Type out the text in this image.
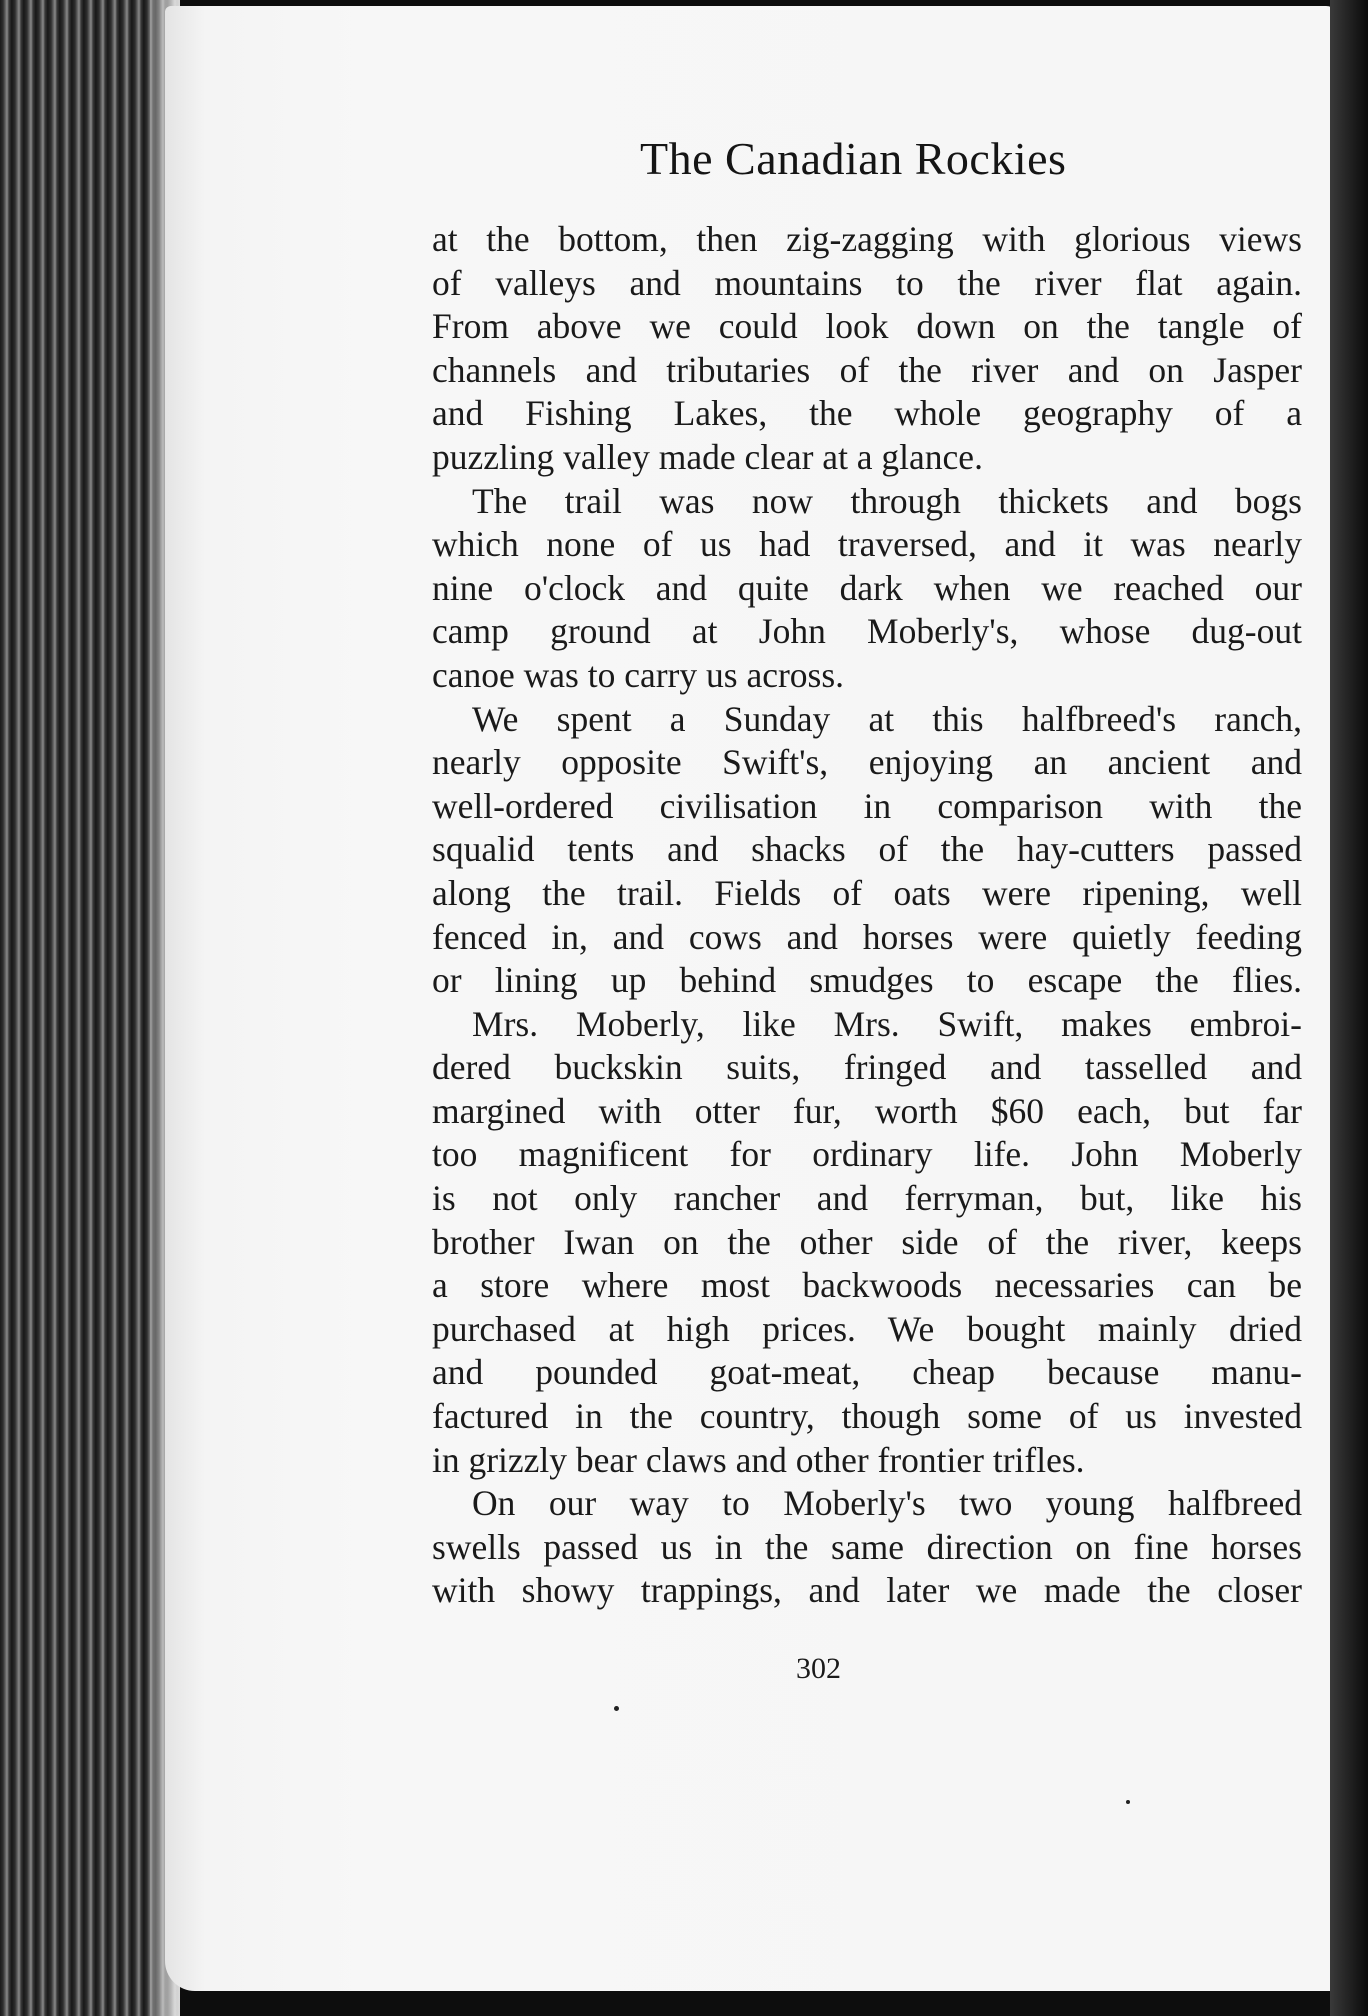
The Canadian Rockies
at the bottom, then zig-zagging with glorious views
of valleys and mountains to the river flat again.
From above we could look down on the tangle of
channels and tributaries of the river and on Jasper
and Fishing Lakes, the whole geography of a
puzzling valley made clear at a glance.
The trail was now through thickets and bogs
which none of us had traversed, and it was nearly
nine o'clock and quite dark when we reached our
camp ground at John Moberly's, whose dug-out
canoe was to carry us across.
We spent a Sunday at this halfbreed's ranch,
nearly opposite Swift's, enjoying an ancient and
well-ordered civilisation in comparison with the
squalid tents and shacks of the hay-cutters passed
along the trail. Fields of oats were ripening, well
fenced in, and cows and horses were quietly feeding
or lining up behind smudges to escape the flies.
Mrs. Moberly, like Mrs. Swift, makes embroi-
dered buckskin suits, fringed and tasselled and
margined with otter fur, worth $60 each, but far
too magnificent for ordinary life. John Moberly
is not only rancher and ferryman, but, like his
brother Iwan on the other side of the river, keeps
a store where most backwoods necessaries can be
purchased at high prices. We bought mainly dried
and pounded goat-meat, cheap because manu-
factured in the country, though some of us invested
in grizzly bear claws and other frontier trifles.
On our way to Moberly's two young halfbreed
swells passed us in the same direction on fine horses
with showy trappings, and later we made the closer
302
